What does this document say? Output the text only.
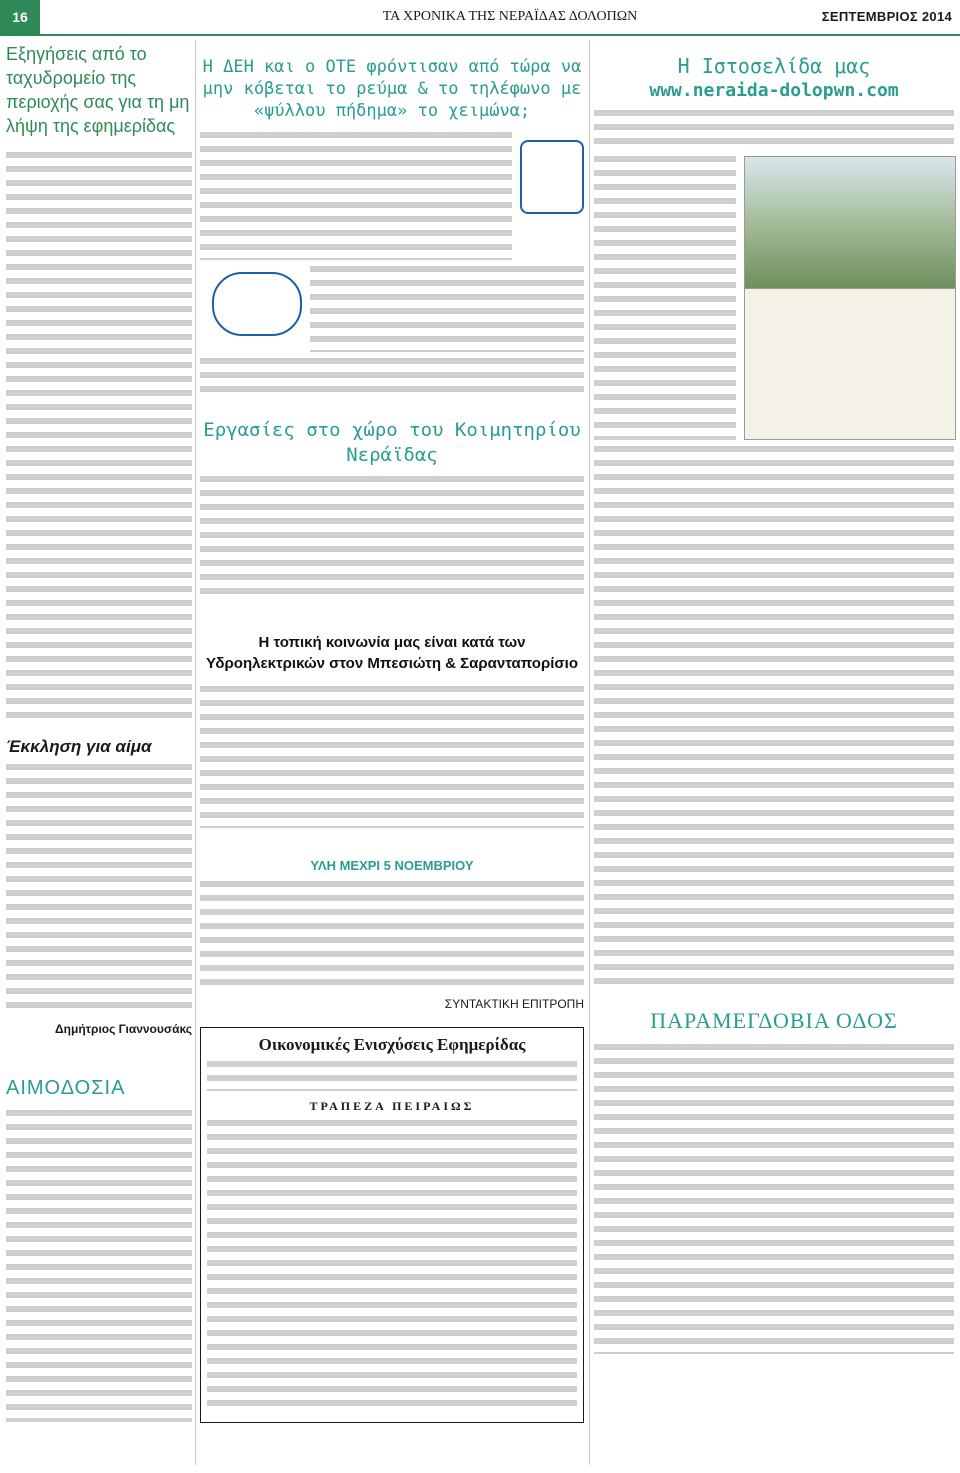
16	ΤΑ ΧΡΟΝΙΚΑ ΤΗΣ ΝΕΡΑΪΔΑΣ ΔΟΛΟΠΩΝ	ΣΕΠΤΕΜΒΡΙΟΣ 2014
Εξηγήσεις από το ταχυδρομείο της περιοχής σας για τη μη λήψη της εφημερίδας
Έκκληση για αίμα
Δημήτριος Γιαννουσάκς
ΑΙΜΟΔΟΣΙΑ
Η ΔΕΗ και ο ΟΤΕ φρόντισαν από τώρα να μην κόβεται το ρεύμα & το τηλέφωνο με «ψύλλου πήδημα» το χειμώνα;
Εργασίες στο χώρο του Κοιμητηρίου Νεράϊδας
Η τοπική κοινωνία μας είναι κατά των Υδροηλεκτρικών στον Μπεσιώτη & Σαρανταπορίσιο
ΥΛΗ ΜΕΧΡΙ 5 ΝΟΕΜΒΡΙΟΥ
ΣΥΝΤΑΚΤΙΚΗ ΕΠΙΤΡΟΠΗ
Οικονομικές Ενισχύσεις Εφημερίδας
ΤΡΑΠΕΖΑ ΠΕΙΡΑΙΩΣ
Η Ιστοσελίδα μας
www.neraida-dolopwn.com
ΠΑΡΑΜΕΓΔΟΒΙΑ ΟΔΟΣ
